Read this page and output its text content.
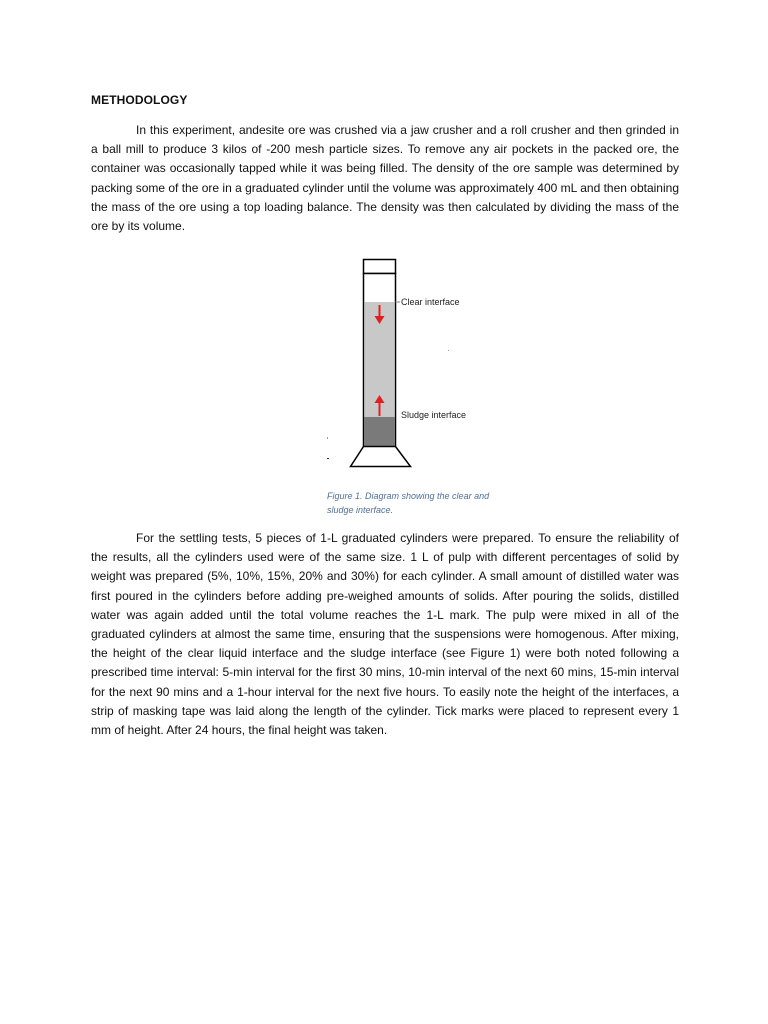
METHODOLOGY

In this experiment, andesite ore was crushed via a jaw crusher and a roll crusher and then grinded in a ball mill to produce 3 kilos of -200 mesh particle sizes. To remove any air pockets in the packed ore, the container was occasionally tapped while it was being filled. The density of the ore sample was determined by packing some of the ore in a graduated cylinder until the volume was approximately 400 mL and then obtaining the mass of the ore using a top loading balance. The density was then calculated by dividing the mass of the ore by its volume.

Clear interface
Sludge interface
Figure 1. Diagram showing the clear and sludge interface.

For the settling tests, 5 pieces of 1-L graduated cylinders were prepared. To ensure the reliability of the results, all the cylinders used were of the same size. 1 L of pulp with different percentages of solid by weight was prepared (5%, 10%, 15%, 20% and 30%) for each cylinder. A small amount of distilled water was first poured in the cylinders before adding pre-weighed amounts of solids. After pouring the solids, distilled water was again added until the total volume reaches the 1-L mark. The pulp were mixed in all of the graduated cylinders at almost the same time, ensuring that the suspensions were homogenous. After mixing, the height of the clear liquid interface and the sludge interface (see Figure 1) were both noted following a prescribed time interval: 5-min interval for the first 30 mins, 10-min interval of the next 60 mins, 15-min interval for the next 90 mins and a 1-hour interval for the next five hours. To easily note the height of the interfaces, a strip of masking tape was laid along the length of the cylinder. Tick marks were placed to represent every 1 mm of height. After 24 hours, the final height was taken.
